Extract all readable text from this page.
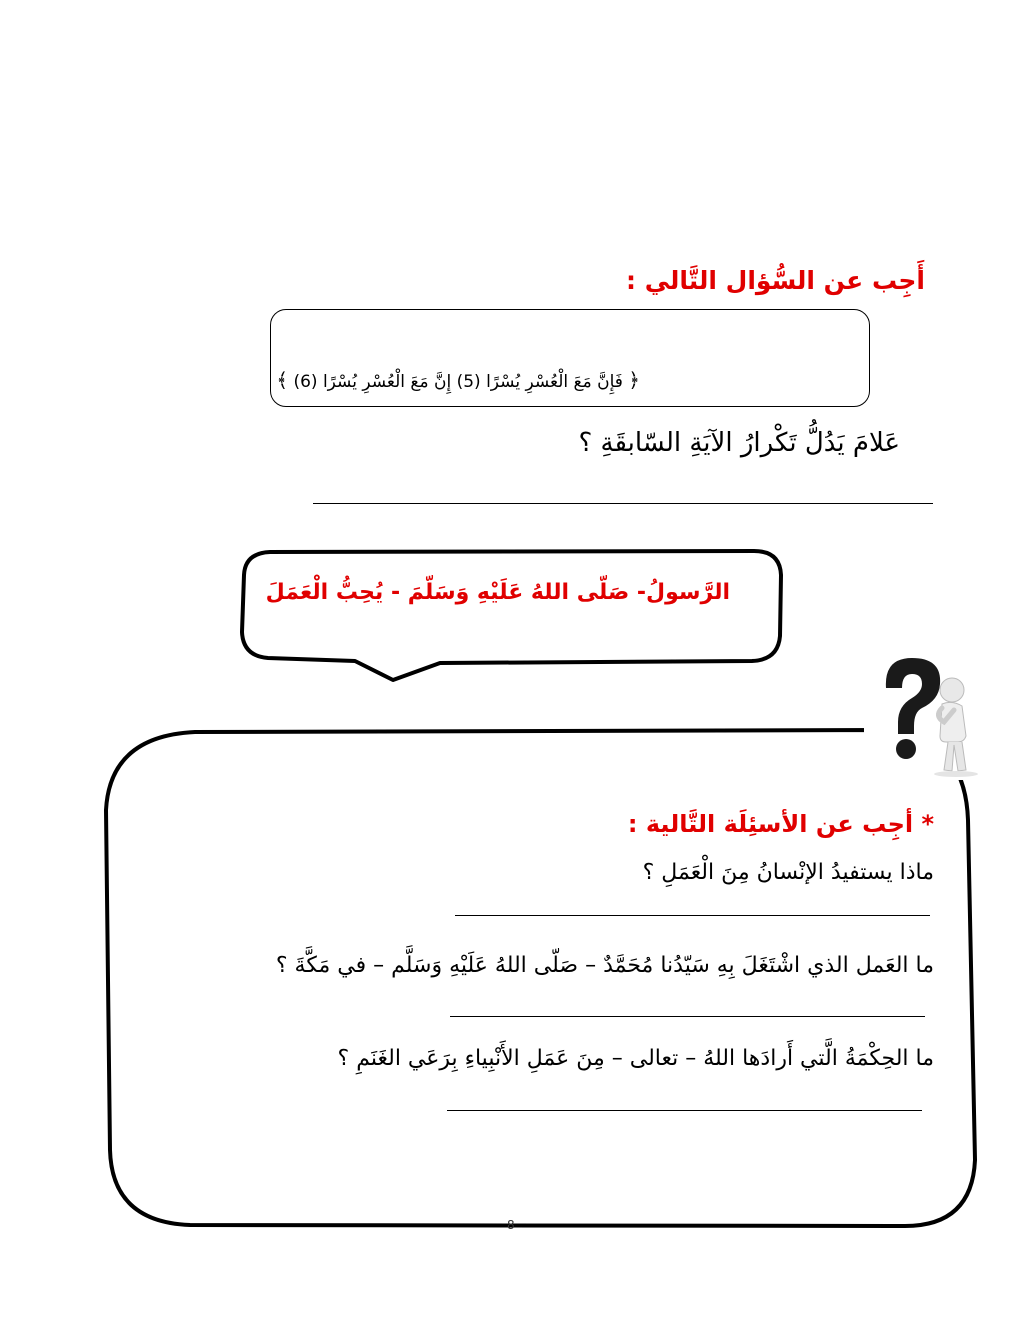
أَجِب عن السُّؤال التَّالي :
﴿ فَإِنَّ مَعَ الْعُسْرِ يُسْرًا (5) إِنَّ مَعَ الْعُسْرِ يُسْرًا (6) ﴾
عَلامَ يَدُلُّ تَكْرارُ الآيَةِ السّابقَةِ ؟
الرَّسولُ- صَلّى اللهُ عَلَيْهِ وَسَلّمَ - يُحِبُّ الْعَمَلَ
* أجِب عن الأسئِلَة التَّالية :
ماذا يستفيدُ الإنْسانُ مِنَ الْعَمَلِ ؟
ما العَمل الذي اشْتَغَلَ بِهِ سَيّدُنا مُحَمَّدٌ – صَلّى اللهُ عَلَيْهِ وَسَلَّم – في مَكَّةَ ؟
ما الحِكْمَةُ الَّتي أَرادَها اللهُ – تعالى – مِنَ عَمَلِ الأَنْبِياءِ بِرَعَي الغَنَمِ ؟
8
